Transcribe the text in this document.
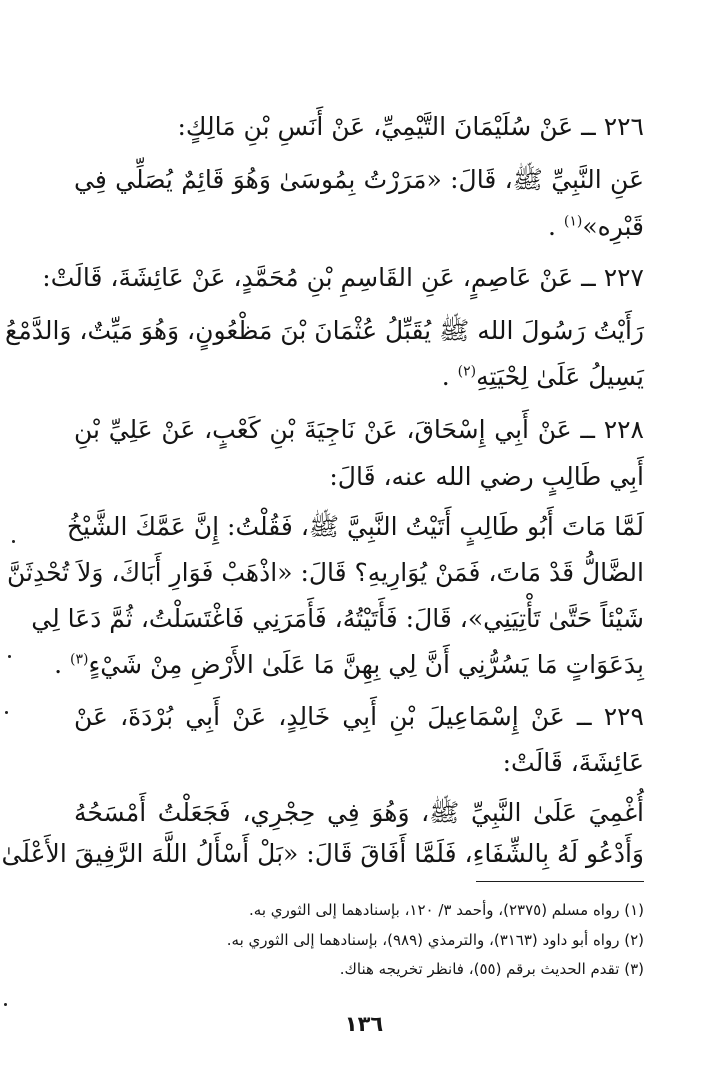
٢٢٦ ــ عَنْ سُلَيْمَانَ التَّيْمِيِّ، عَنْ أَنَسِ بْنِ مَالِكٍ:
عَنِ النَّبِيِّ ﷺ، قَالَ: «مَرَرْتُ بِمُوسَىٰ وَهُوَ قَائِمٌ يُصَلِّي فِي
قَبْرِه»$^{(١)}$ .
٢٢٧ ــ عَنْ عَاصِمٍ، عَنِ القَاسِمِ بْنِ مُحَمَّدٍ، عَنْ عَائِشَةَ، قَالَتْ:
رَأَيْتُ رَسُولَ الله ﷺ يُقَبِّلُ عُثْمَانَ بْنَ مَظْعُونٍ، وَهُوَ مَيِّتٌ، وَالدَّمْعُ
يَسِيلُ عَلَىٰ لِحْيَتِهِ$^{(٢)}$ .
٢٢٨ ــ عَنْ أَبِي إِسْحَاقَ، عَنْ نَاجِيَةَ بْنِ كَعْبٍ، عَنْ عَلِيِّ بْنِ
أَبِي طَالِبٍ رضي الله عنه، قَالَ:
لَمَّا مَاتَ أَبُو طَالِبٍ أَتَيْتُ النَّبِيَّ ﷺ، فَقُلْتُ: إِنَّ عَمَّكَ الشَّيْخُ
الضَّالُّ قَدْ مَاتَ، فَمَنْ يُوَارِيهِ؟ قَالَ: «اذْهَبْ فَوَارِ أَبَاكَ، وَلاَ تُحْدِثَنَّ
شَيْئاً حَتَّىٰ تَأْتِيَنِي»، قَالَ: فَأَتَيْتُهُ، فَأَمَرَنِي فَاغْتَسَلْتُ، ثُمَّ دَعَا لِي
بِدَعَوَاتٍ مَا يَسُرُّنِي أَنَّ لِي بِهِنَّ مَا عَلَىٰ الأَرْضِ مِنْ شَيْءٍ$^{(٣)}$ .
٢٢٩ ــ عَنْ إِسْمَاعِيلَ بْنِ أَبِي خَالِدٍ، عَنْ أَبِي بُرْدَةَ، عَنْ
عَائِشَةَ، قَالَتْ:
أُغْمِيَ عَلَىٰ النَّبِيِّ ﷺ، وَهُوَ فِي حِجْرِي، فَجَعَلْتُ أَمْسَحُهُ
وَأَدْعُو لَهُ بِالشِّفَاءِ، فَلَمَّا أَفَاقَ قَالَ: «بَلْ أَسْأَلُ اللَّهَ الرَّفِيقَ الأَعْلَىٰ
(١) رواه مسلم (٢٣٧٥)، وأحمد ٣/ ١٢٠، بإسنادهما إلى الثوري به.
(٢) رواه أبو داود (٣١٦٣)، والترمذي (٩٨٩)، بإسنادهما إلى الثوري به.
(٣) تقدم الحديث برقم (٥٥)، فانظر تخريجه هناك.
١٣٦
